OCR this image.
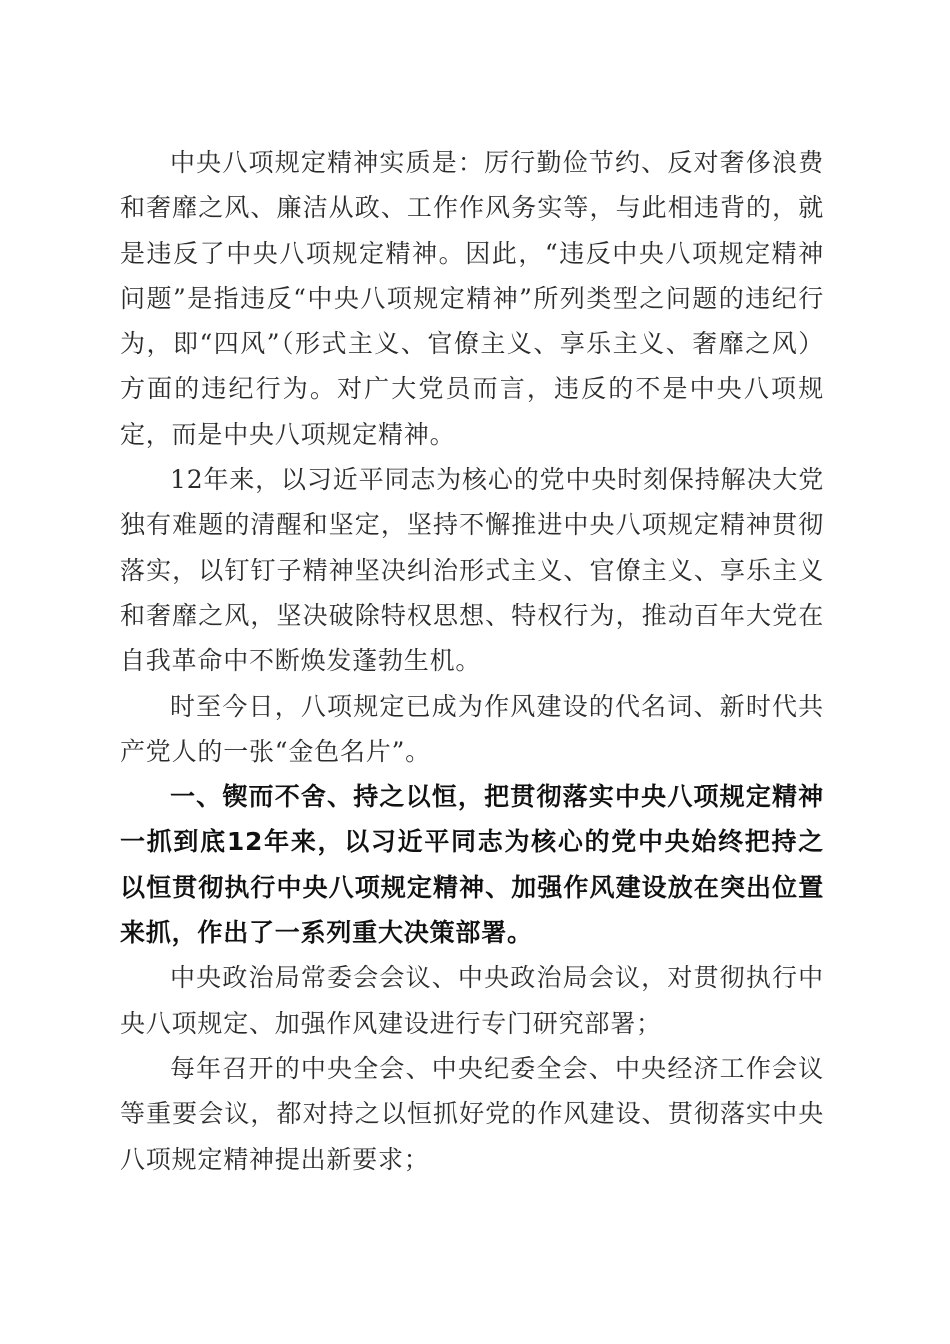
中央八项规定精神实质是：厉行勤俭节约、反对奢侈浪费和奢靡之风、廉洁从政、工作作风务实等，与此相违背的，就是违反了中央八项规定精神。因此，“违反中央八项规定精神问题”是指违反“中央八项规定精神”所列类型之问题的违纪行为，即“四风”（形式主义、官僚主义、享乐主义、奢靡之风）方面的违纪行为。对广大党员而言，违反的不是中央八项规定，而是中央八项规定精神。

12年来，以习近平同志为核心的党中央时刻保持解决大党独有难题的清醒和坚定，坚持不懈推进中央八项规定精神贯彻落实，以钉钉子精神坚决纠治形式主义、官僚主义、享乐主义和奢靡之风，坚决破除特权思想、特权行为，推动百年大党在自我革命中不断焕发蓬勃生机。

时至今日，八项规定已成为作风建设的代名词、新时代共产党人的一张“金色名片”。

一、锲而不舍、持之以恒，把贯彻落实中央八项规定精神一抓到底12年来，以习近平同志为核心的党中央始终把持之以恒贯彻执行中央八项规定精神、加强作风建设放在突出位置来抓，作出了一系列重大决策部署。

中央政治局常委会会议、中央政治局会议，对贯彻执行中央八项规定、加强作风建设进行专门研究部署；

每年召开的中央全会、中央纪委全会、中央经济工作会议等重要会议，都对持之以恒抓好党的作风建设、贯彻落实中央八项规定精神提出新要求；
